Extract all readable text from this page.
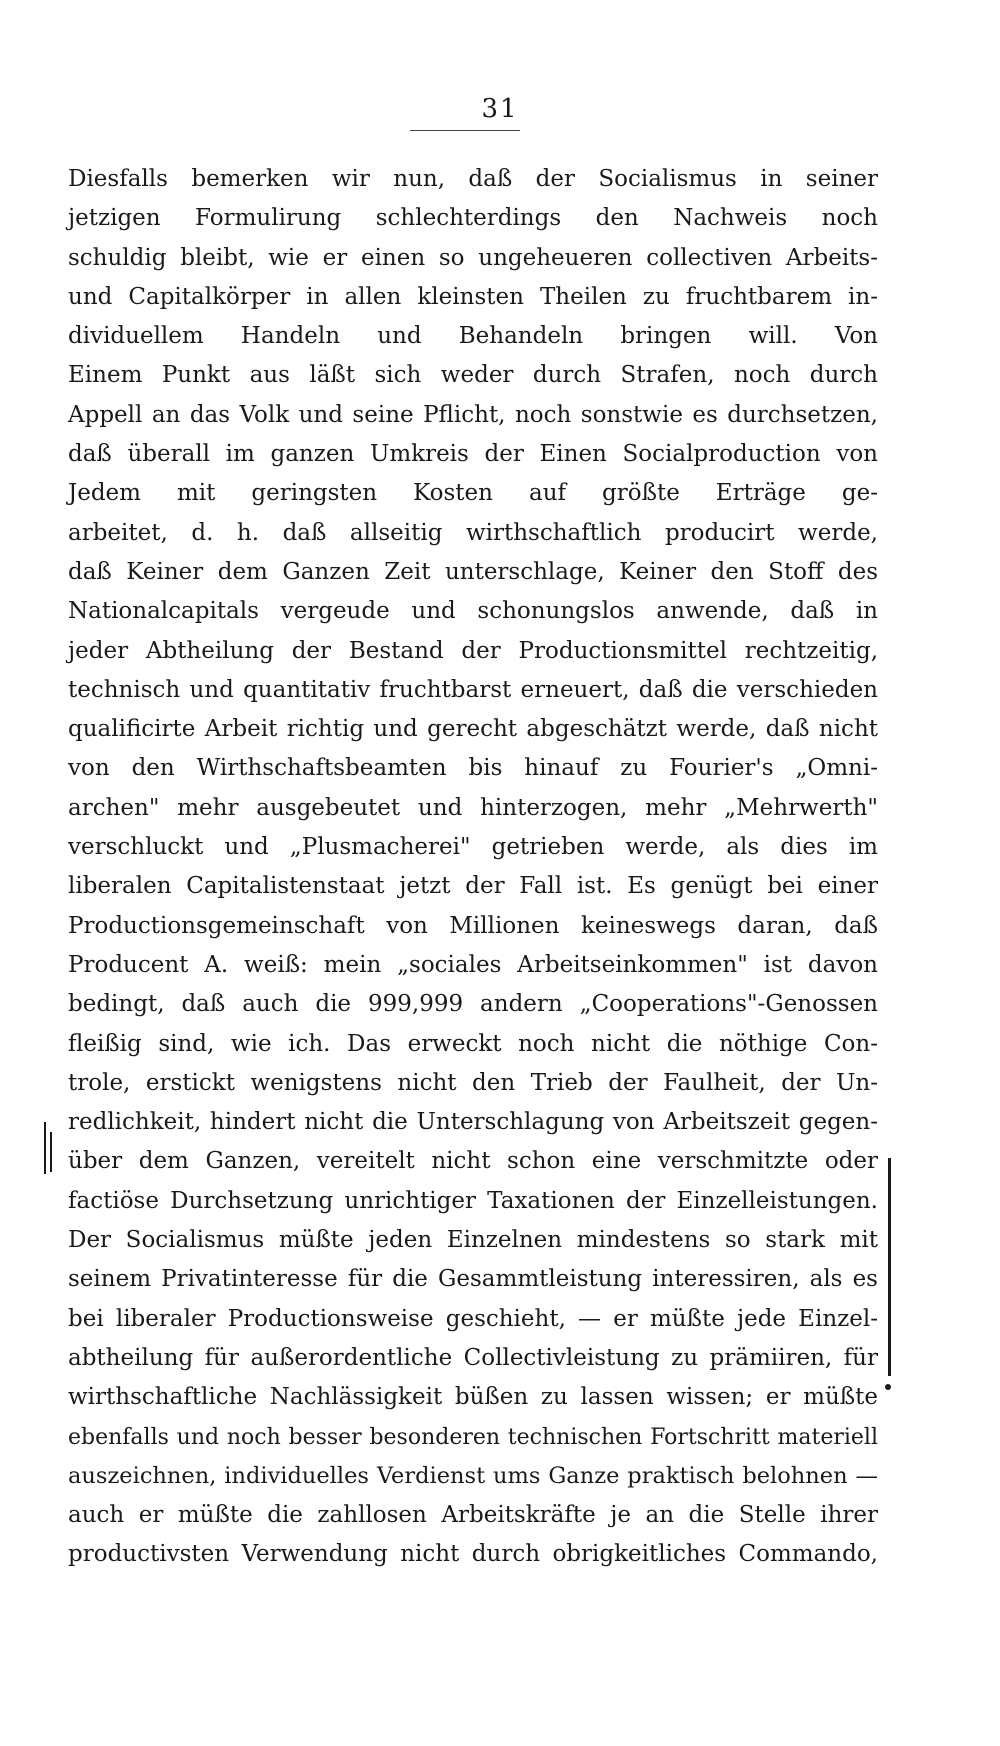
31
Diesfalls bemerken wir nun, daß der Socialismus in seiner
jetzigen Formulirung schlechterdings den Nachweis noch
schuldig bleibt, wie er einen so ungeheueren collectiven Arbeits-
und Capitalkörper in allen kleinsten Theilen zu fruchtbarem in-
dividuellem Handeln und Behandeln bringen will. Von
Einem Punkt aus läßt sich weder durch Strafen, noch durch
Appell an das Volk und seine Pflicht, noch sonstwie es durchsetzen,
daß überall im ganzen Umkreis der Einen Socialproduction von
Jedem mit geringsten Kosten auf größte Erträge ge-
arbeitet, d. h. daß allseitig wirthschaftlich producirt werde,
daß Keiner dem Ganzen Zeit unterschlage, Keiner den Stoff des
Nationalcapitals vergeude und schonungslos anwende, daß in
jeder Abtheilung der Bestand der Productionsmittel rechtzeitig,
technisch und quantitativ fruchtbarst erneuert, daß die verschieden
qualificirte Arbeit richtig und gerecht abgeschätzt werde, daß nicht
von den Wirthschaftsbeamten bis hinauf zu Fourier's „Omni-
archen" mehr ausgebeutet und hinterzogen, mehr „Mehrwerth"
verschluckt und „Plusmacherei" getrieben werde, als dies im
liberalen Capitalistenstaat jetzt der Fall ist. Es genügt bei einer
Productionsgemeinschaft von Millionen keineswegs daran, daß
Producent A. weiß: mein „sociales Arbeitseinkommen" ist davon
bedingt, daß auch die 999,999 andern „Cooperations"-Genossen
fleißig sind, wie ich. Das erweckt noch nicht die nöthige Con-
trole, erstickt wenigstens nicht den Trieb der Faulheit, der Un-
redlichkeit, hindert nicht die Unterschlagung von Arbeitszeit gegen-
über dem Ganzen, vereitelt nicht schon eine verschmitzte oder
factiöse Durchsetzung unrichtiger Taxationen der Einzelleistungen.
Der Socialismus müßte jeden Einzelnen mindestens so stark mit
seinem Privatinteresse für die Gesammtleistung interessiren, als es
bei liberaler Productionsweise geschieht, — er müßte jede Einzel-
abtheilung für außerordentliche Collectivleistung zu prämiiren, für
wirthschaftliche Nachlässigkeit büßen zu lassen wissen; er müßte
ebenfalls und noch besser besonderen technischen Fortschritt materiell
auszeichnen, individuelles Verdienst ums Ganze praktisch belohnen —
auch er müßte die zahllosen Arbeitskräfte je an die Stelle ihrer
productivsten Verwendung nicht durch obrigkeitliches Commando,
